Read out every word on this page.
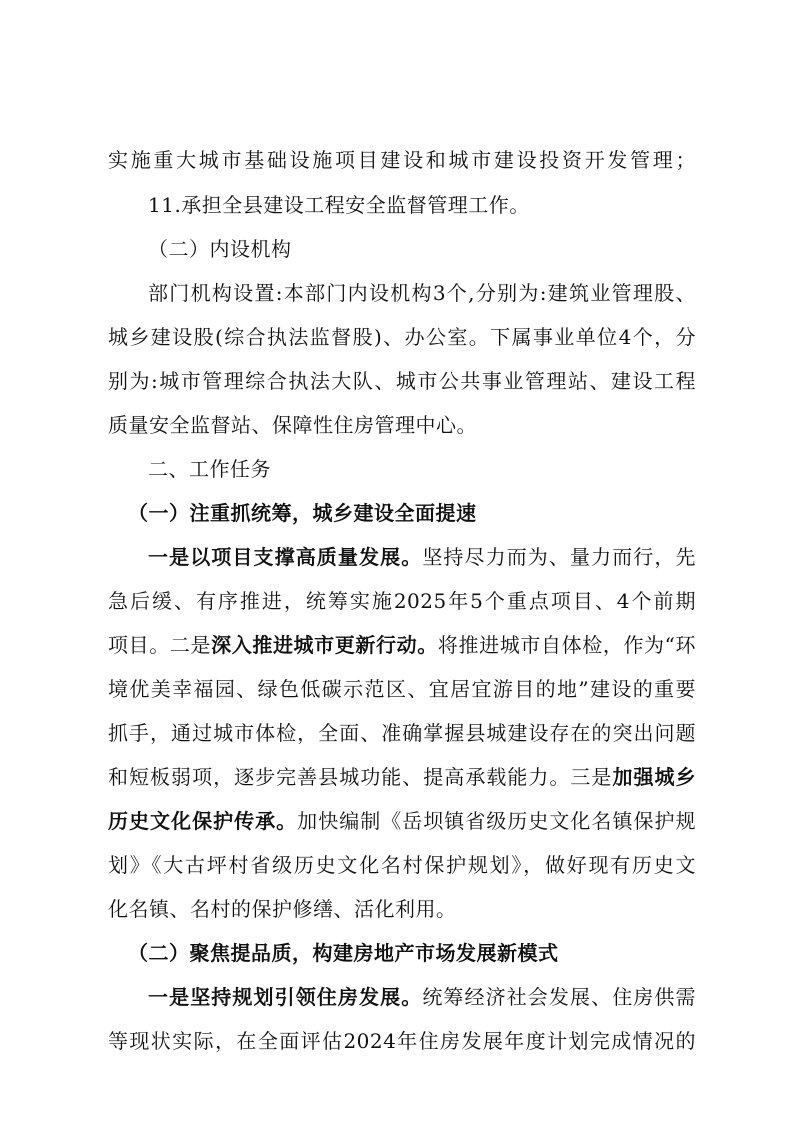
实施重大城市基础设施项目建设和城市建设投资开发管理；

11.承担全县建设工程安全监督管理工作。

（二）内设机构

部门机构设置:本部门内设机构3个,分别为:建筑业管理股、

城乡建设股(综合执法监督股)、办公室。下属事业单位4个，分

别为:城市管理综合执法大队、城市公共事业管理站、建设工程

质量安全监督站、保障性住房管理中心。

二、工作任务

（一）注重抓统筹，城乡建设全面提速

一是以项目支撑高质量发展。坚持尽力而为、量力而行，先

急后缓、有序推进，统筹实施2025年5个重点项目、4个前期

项目。二是深入推进城市更新行动。将推进城市自体检，作为“环

境优美幸福园、绿色低碳示范区、宜居宜游目的地”建设的重要

抓手，通过城市体检，全面、准确掌握县城建设存在的突出问题

和短板弱项，逐步完善县城功能、提高承载能力。三是加强城乡

历史文化保护传承。加快编制《岳坝镇省级历史文化名镇保护规

划》《大古坪村省级历史文化名村保护规划》，做好现有历史文

化名镇、名村的保护修缮、活化利用。

（二）聚焦提品质，构建房地产市场发展新模式

一是坚持规划引领住房发展。统筹经济社会发展、住房供需

等现状实际，在全面评估2024年住房发展年度计划完成情况的
